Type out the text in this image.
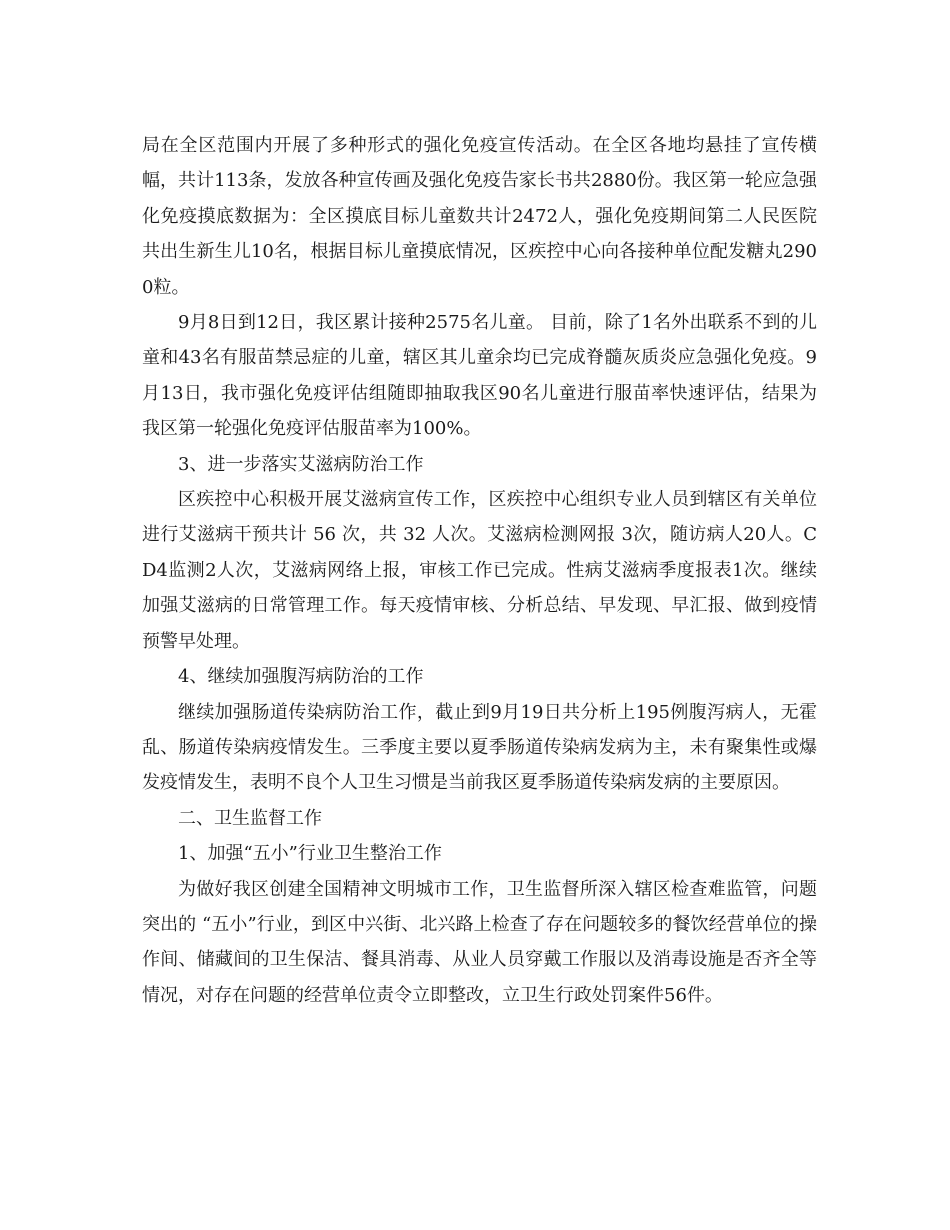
局在全区范围内开展了多种形式的强化免疫宣传活动。在全区各地均悬挂了宣传横幅，共计113条，发放各种宣传画及强化免疫告家长书共2880份。我区第一轮应急强化免疫摸底数据为：全区摸底目标儿童数共计2472人，强化免疫期间第二人民医院共出生新生儿10名，根据目标儿童摸底情况，区疾控中心向各接种单位配发糖丸2900粒。

9月8日到12日，我区累计接种2575名儿童。 目前，除了1名外出联系不到的儿童和43名有服苗禁忌症的儿童，辖区其儿童余均已完成脊髓灰质炎应急强化免疫。9月13日，我市强化免疫评估组随即抽取我区90名儿童进行服苗率快速评估，结果为我区第一轮强化免疫评估服苗率为100%。

3、进一步落实艾滋病防治工作

区疾控中心积极开展艾滋病宣传工作，区疾控中心组织专业人员到辖区有关单位进行艾滋病干预共计 56 次，共 32 人次。艾滋病检测网报 3次，随访病人20人。CD4监测2人次，艾滋病网络上报，审核工作已完成。性病艾滋病季度报表1次。继续加强艾滋病的日常管理工作。每天疫情审核、分析总结、早发现、早汇报、做到疫情预警早处理。

4、继续加强腹泻病防治的工作

继续加强肠道传染病防治工作，截止到9月19日共分析上195例腹泻病人，无霍乱、肠道传染病疫情发生。三季度主要以夏季肠道传染病发病为主，未有聚集性或爆发疫情发生，表明不良个人卫生习惯是当前我区夏季肠道传染病发病的主要原因。

二、卫生监督工作

1、加强“五小”行业卫生整治工作

为做好我区创建全国精神文明城市工作，卫生监督所深入辖区检查难监管，问题突出的 “五小”行业，到区中兴街、北兴路上检查了存在问题较多的餐饮经营单位的操作间、储藏间的卫生保洁、餐具消毒、从业人员穿戴工作服以及消毒设施是否齐全等情况，对存在问题的经营单位责令立即整改，立卫生行政处罚案件56件。
